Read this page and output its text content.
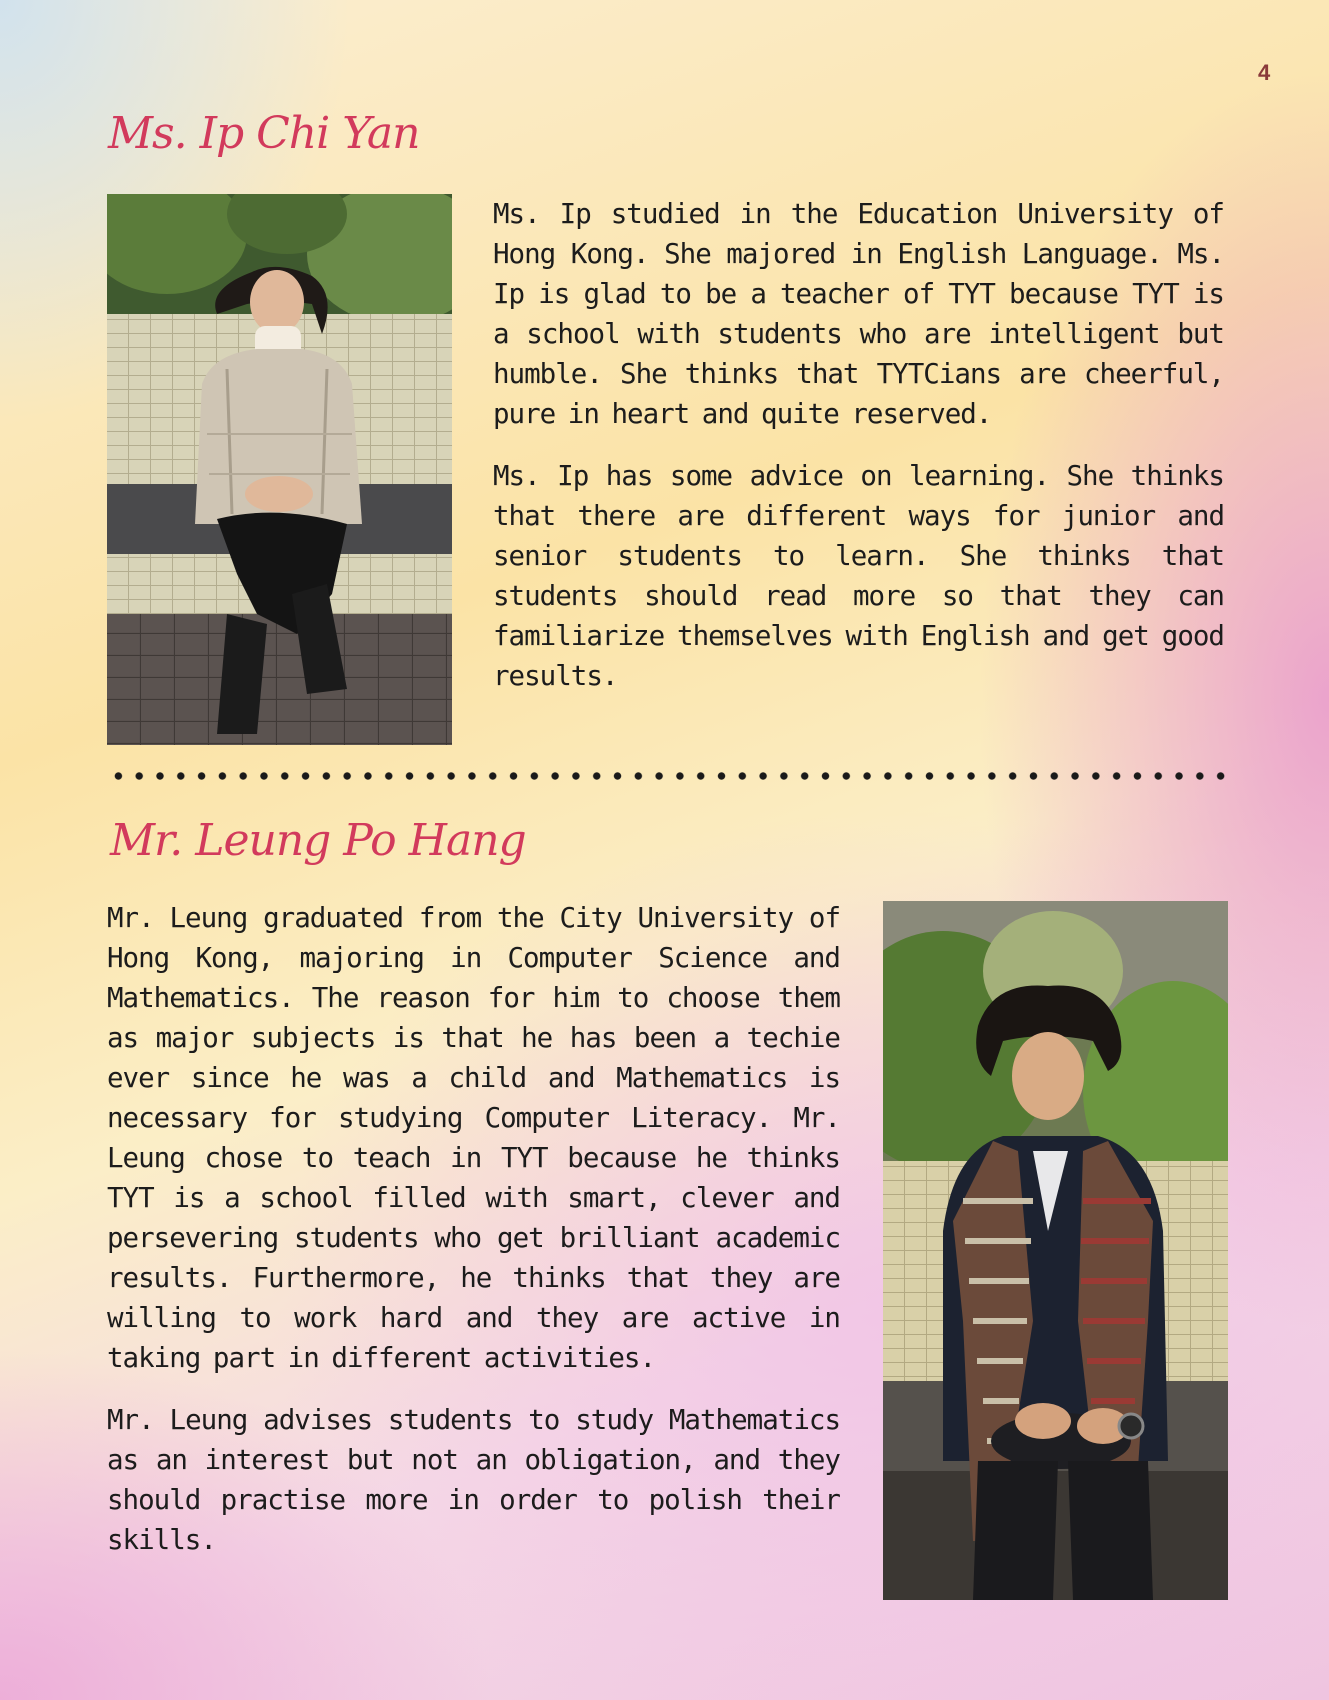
4
Ms. Ip Chi Yan

Ms. Ip studied in the Education University of Hong Kong. She majored in English Language. Ms. Ip is glad to be a teacher of TYT because TYT is a school with students who are intelligent but humble. She thinks that TYTCians are cheerful, pure in heart and quite reserved.

Ms. Ip has some advice on learning. She thinks that there are different ways for junior and senior students to learn. She thinks that students should read more so that they can familiarize themselves with English and get good results.

Mr. Leung Po Hang

Mr. Leung graduated from the City University of Hong Kong, majoring in Computer Science and Mathematics. The reason for him to choose them as major subjects is that he has been a techie ever since he was a child and Mathematics is necessary for studying Computer Literacy. Mr. Leung chose to teach in TYT because he thinks TYT is a school filled with smart, clever and persevering students who get brilliant academic results. Furthermore, he thinks that they are willing to work hard and they are active in taking part in different activities.

Mr. Leung advises students to study Mathematics as an interest but not an obligation, and they should practise more in order to polish their skills.
